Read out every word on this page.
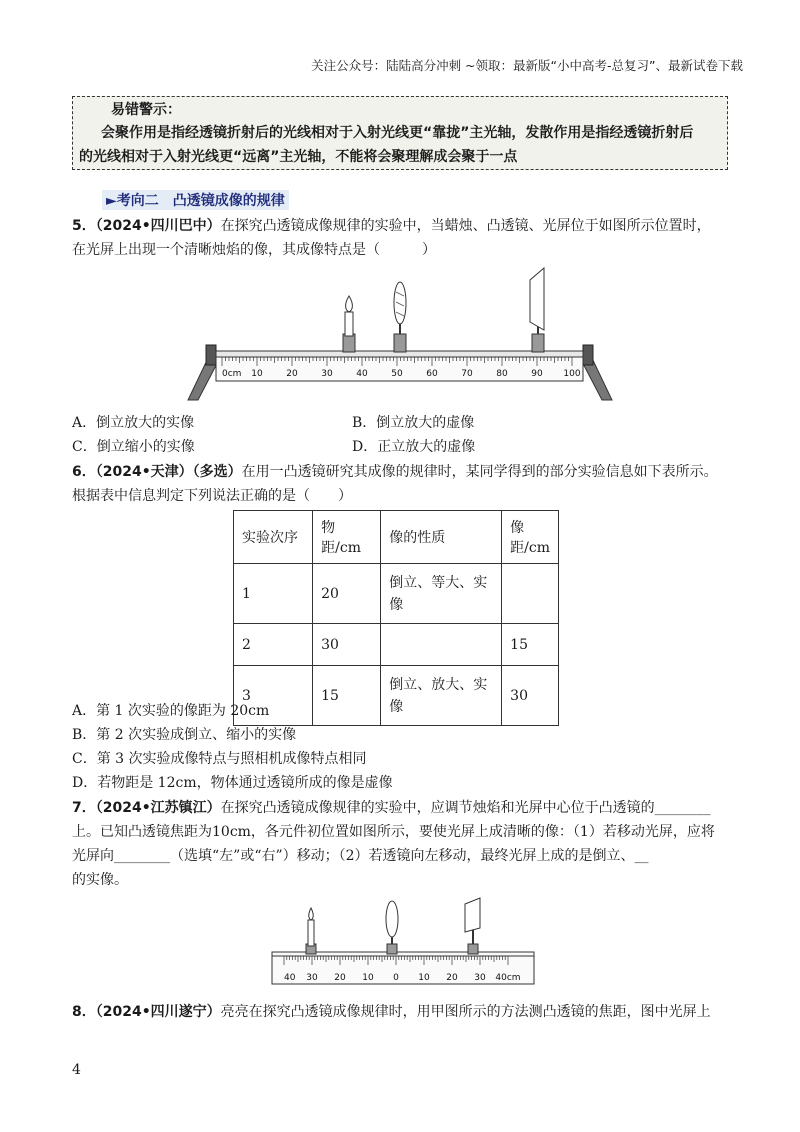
关注公众号：陆陆高分冲刺 ~领取：最新版“小中高考-总复习”、最新试卷下载
易错警示：
会聚作用是指经透镜折射后的光线相对于入射光线更“靠拢”主光轴，发散作用是指经透镜折射后
的光线相对于入射光线更“远离”主光轴，不能将会聚理解成会聚于一点
►考向二　凸透镜成像的规律
5．（2024•四川巴中）在探究凸透镜成像规律的实验中，当蜡烛、凸透镜、光屏位于如图所示位置时，
在光屏上出现一个清晰烛焰的像，其成像特点是（　　　）
0cm 10	20	30	40	50	60	70	80	90 100
A．倒立放大的实像	B．倒立放大的虚像
C．倒立缩小的实像	D．正立放大的虚像
6．（2024•天津）（多选）在用一凸透镜研究其成像的规律时，某同学得到的部分实验信息如下表所示。
根据表中信息判定下列说法正确的是（　　）
实验次序	物距/cm	像的性质	像距/cm
1	20	倒立、等大、实像	
2	30		15
3	15	倒立、放大、实像	30
A．第 1 次实验的像距为 20cm
B．第 2 次实验成倒立、缩小的实像
C．第 3 次实验成像特点与照相机成像特点相同
D．若物距是 12cm，物体通过透镜所成的像是虚像
7．（2024•江苏镇江）在探究凸透镜成像规律的实验中，应调节烛焰和光屏中心位于凸透镜的________
上。已知凸透镜焦距为10cm，各元件初位置如图所示，要使光屏上成清晰的像：（1）若移动光屏，应将
光屏向________（选填“左”或“右”）移动；（2）若透镜向左移动，最终光屏上成的是倒立、__
的实像。
40 30 20 10 0 10 20 30 40cm
8．（2024•四川遂宁）亮亮在探究凸透镜成像规律时，用甲图所示的方法测凸透镜的焦距，图中光屏上
4
